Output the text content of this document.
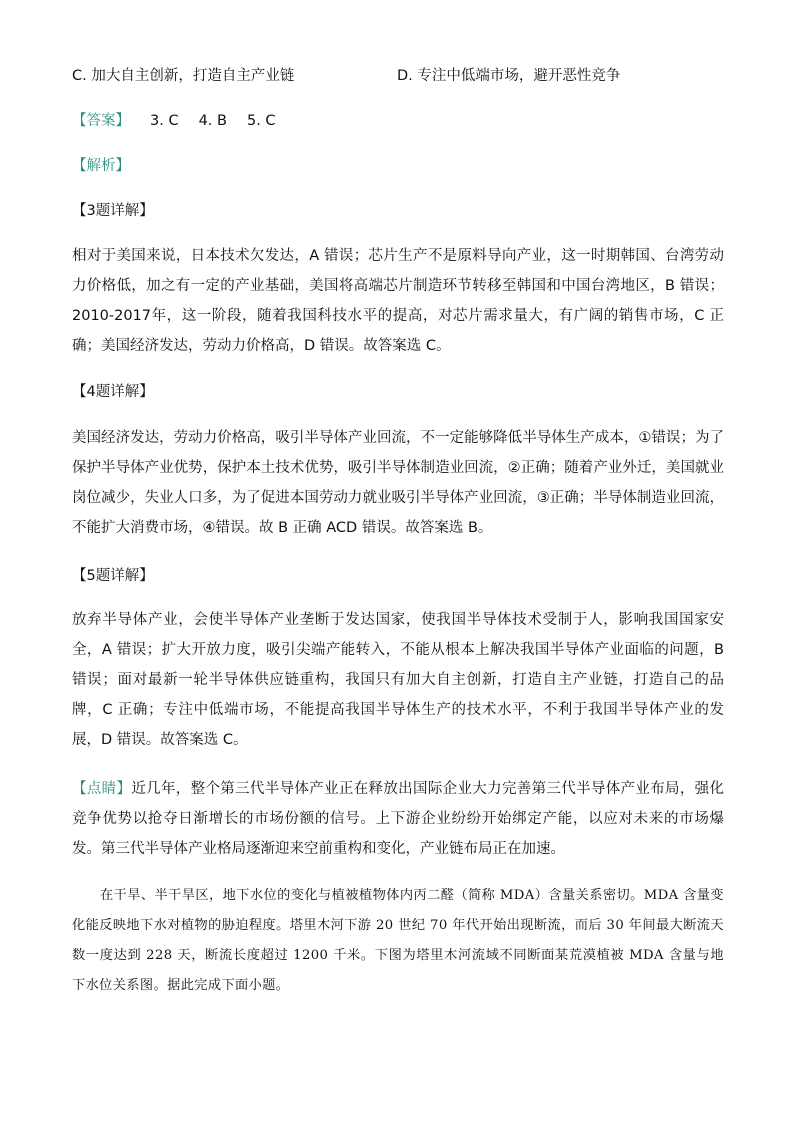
C. 加大自主创新，打造自主产业链	D. 专注中低端市场，避开恶性竞争
【答案】 3. C 4. B 5. C
【解析】
【3题详解】
相对于美国来说，日本技术欠发达，A 错误；芯片生产不是原料导向产业，这一时期韩国、台湾劳动力价格低，加之有一定的产业基础，美国将高端芯片制造环节转移至韩国和中国台湾地区，B 错误；2010-2017年，这一阶段，随着我国科技水平的提高，对芯片需求量大，有广阔的销售市场，C 正确；美国经济发达，劳动力价格高，D 错误。故答案选 C。
【4题详解】
美国经济发达，劳动力价格高，吸引半导体产业回流，不一定能够降低半导体生产成本，①错误；为了保护半导体产业优势，保护本土技术优势，吸引半导体制造业回流，②正确；随着产业外迁，美国就业岗位减少，失业人口多，为了促进本国劳动力就业吸引半导体产业回流，③正确；半导体制造业回流，不能扩大消费市场，④错误。故 B 正确 ACD 错误。故答案选 B。
【5题详解】
放弃半导体产业，会使半导体产业垄断于发达国家，使我国半导体技术受制于人，影响我国国家安全，A 错误；扩大开放力度，吸引尖端产能转入，不能从根本上解决我国半导体产业面临的问题，B 错误；面对最新一轮半导体供应链重构，我国只有加大自主创新，打造自主产业链，打造自己的品牌，C 正确；专注中低端市场，不能提高我国半导体生产的技术水平，不利于我国半导体产业的发展，D 错误。故答案选 C。
【点睛】近几年，整个第三代半导体产业正在释放出国际企业大力完善第三代半导体产业布局，强化竞争优势以抢夺日渐增长的市场份额的信号。上下游企业纷纷开始绑定产能，以应对未来的市场爆发。第三代半导体产业格局逐渐迎来空前重构和变化，产业链布局正在加速。
在干旱、半干旱区，地下水位的变化与植被植物体内丙二醛（简称 MDA）含量关系密切。MDA 含量变化能反映地下水对植物的胁迫程度。塔里木河下游 20 世纪 70 年代开始出现断流，而后 30 年间最大断流天数一度达到 228 天，断流长度超过 1200 千米。下图为塔里木河流域不同断面某荒漠植被 MDA 含量与地下水位关系图。据此完成下面小题。
